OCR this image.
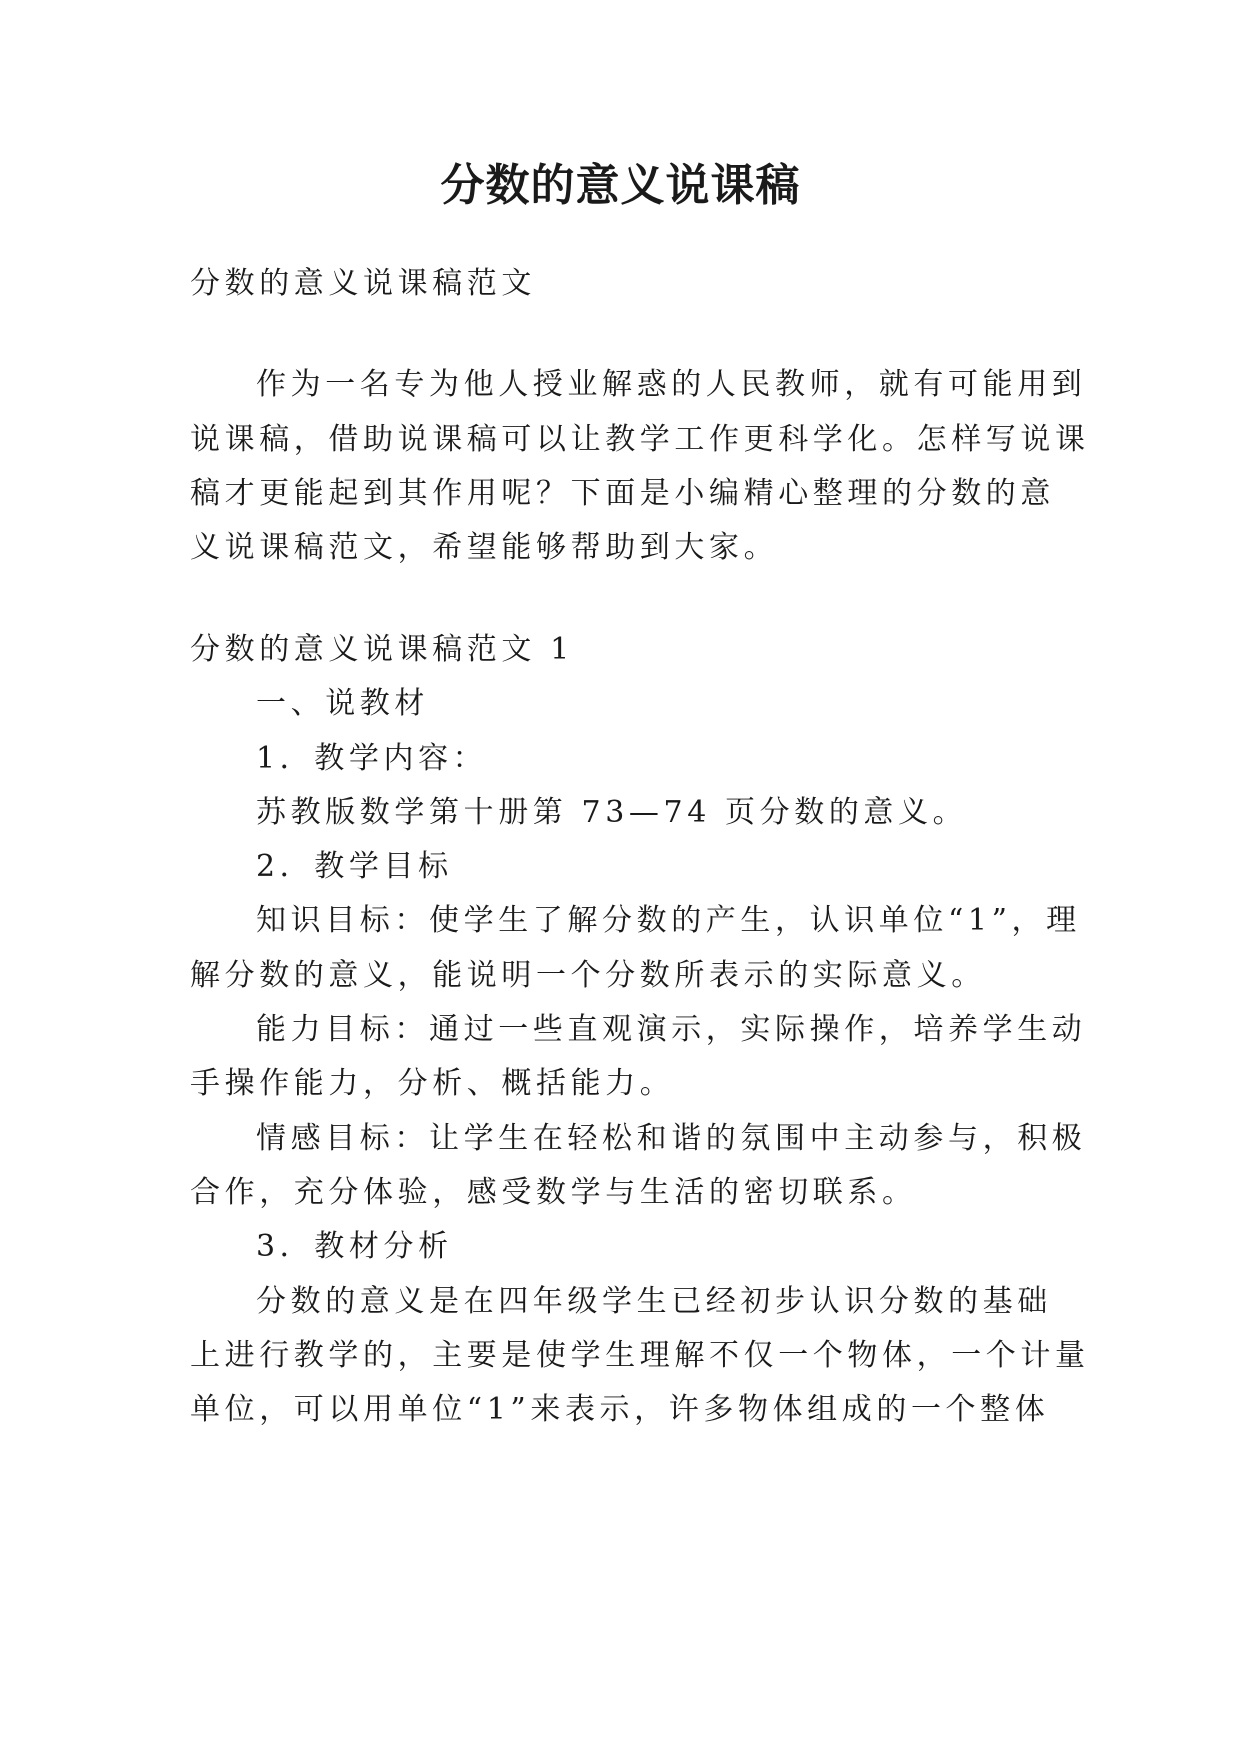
分数的意义说课稿

分数的意义说课稿范文

作为一名专为他人授业解惑的人民教师，就有可能用到

说课稿，借助说课稿可以让教学工作更科学化。怎样写说课

稿才更能起到其作用呢？下面是小编精心整理的分数的意

义说课稿范文，希望能够帮助到大家。

分数的意义说课稿范文 1

一、说教材

1．教学内容：

苏教版数学第十册第 73—74 页分数的意义。

2．教学目标

知识目标：使学生了解分数的产生，认识单位“1”，理

解分数的意义，能说明一个分数所表示的实际意义。

能力目标：通过一些直观演示，实际操作，培养学生动

手操作能力，分析、概括能力。

情感目标：让学生在轻松和谐的氛围中主动参与，积极

合作，充分体验，感受数学与生活的密切联系。

3．教材分析

分数的意义是在四年级学生已经初步认识分数的基础

上进行教学的，主要是使学生理解不仅一个物体，一个计量

单位，可以用单位“1”来表示，许多物体组成的一个整体
